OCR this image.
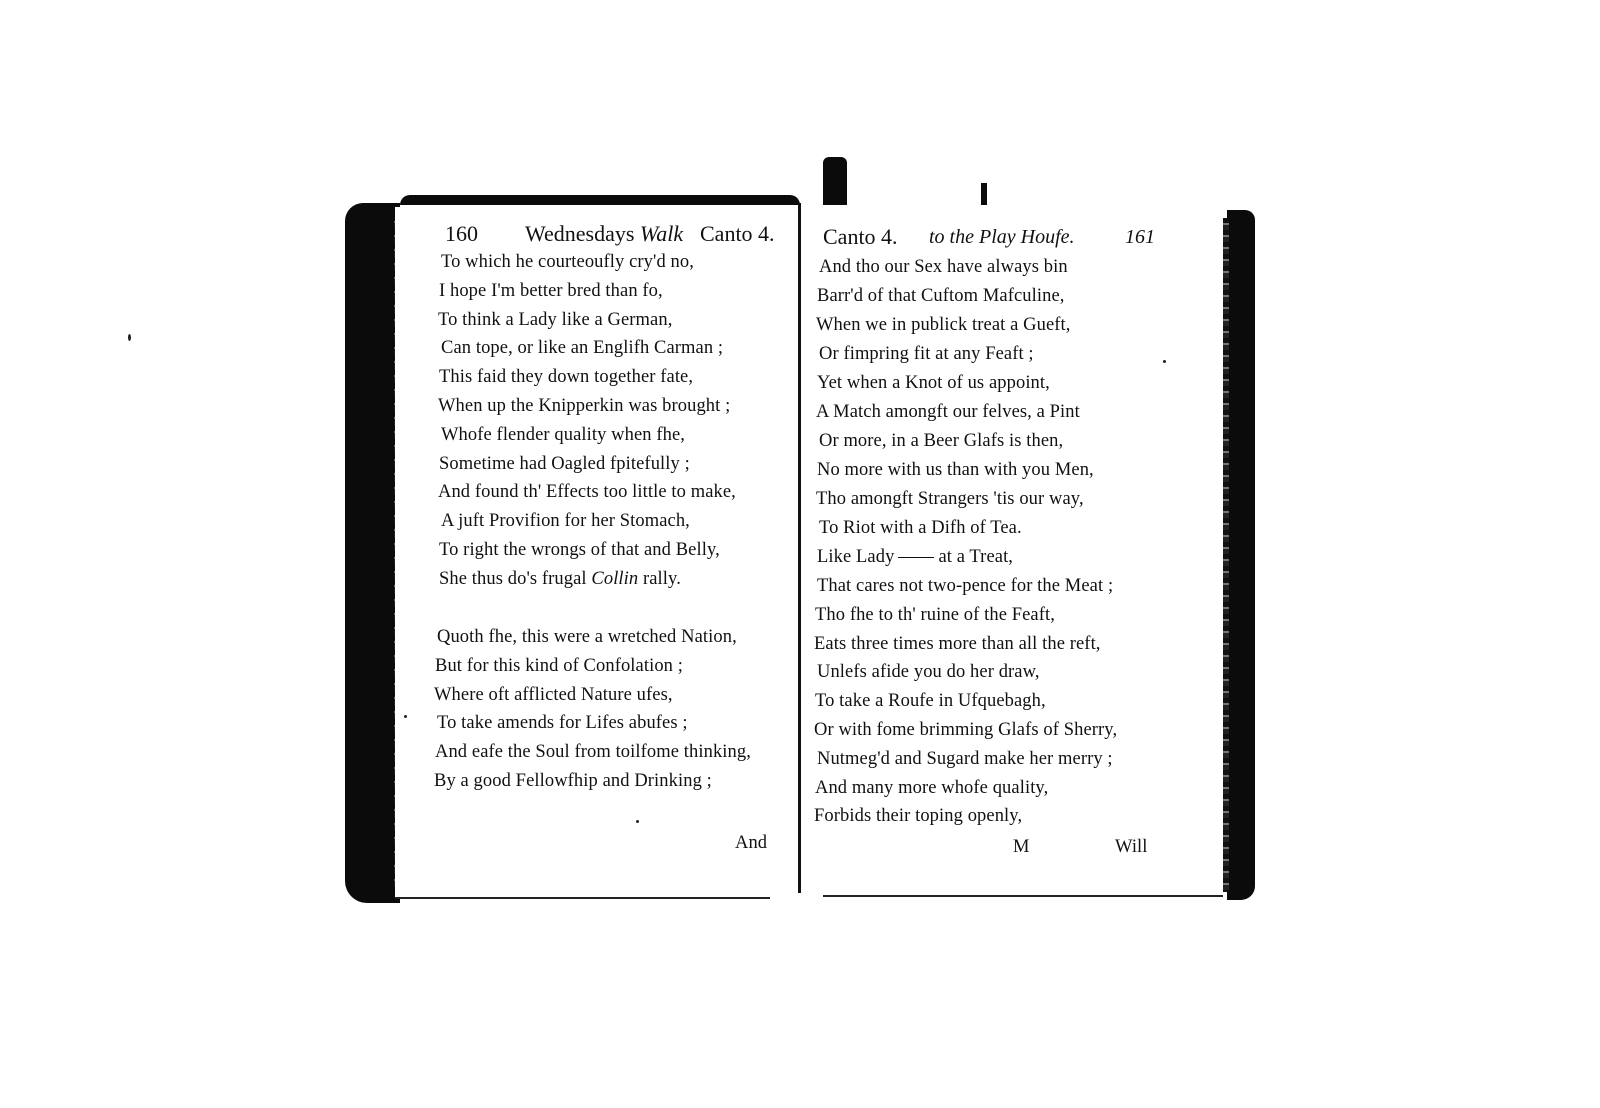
160 Wednesdays Walk Canto 4.
To which he courteoufly cry'd no,
I hope I'm better bred than fo,
To think a Lady like a German,
Can tope, or like an Englifh Carman ;
This faid they down together fate,
When up the Knipperkin was brought ;
Whofe flender quality when fhe,
Sometime had Oagled fpitefully ;
And found th' Effects too little to make,
A juft Provifion for her Stomach,
To right the wrongs of that and Belly,
She thus do's frugal Collin rally.
Quoth fhe, this were a wretched Nation,
But for this kind of Confolation ;
Where oft afflicted Nature ufes,
To take amends for Lifes abufes ;
And eafe the Soul from toilfome thinking,
By a good Fellowfhip and Drinking ;
And
Canto 4. to the Play Houfe.	161
And tho our Sex have always bin
Barr'd of that Cuftom Mafculine,
When we in publick treat a Gueft,
Or fimpring fit at any Feaft ;
Yet when a Knot of us appoint,
A Match amongft our felves, a Pint
Or more, in a Beer Glafs is then,
No more with us than with you Men,
Tho amongft Strangers 'tis our way,
To Riot with a Difh of Tea.
Like Lady at a Treat,
That cares not two-pence for the Meat ;
Tho fhe to th' ruine of the Feaft,
Eats three times more than all the reft,
Unlefs afide you do her draw,
To take a Roufe in Ufquebagh,
Or with fome brimming Glafs of Sherry,
Nutmeg'd and Sugard make her merry ;
And many more whofe quality,
Forbids their toping openly,
M	Will
